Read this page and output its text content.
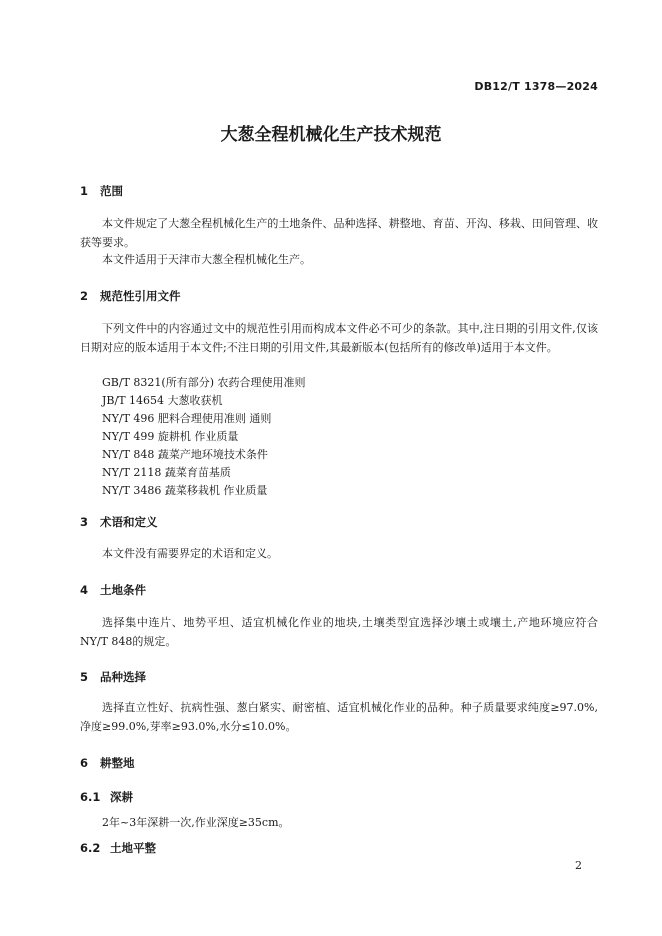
DB12/T 1378—2024
大葱全程机械化生产技术规范
1 范围
本文件规定了大葱全程机械化生产的土地条件、品种选择、耕整地、育苗、开沟、移栽、田间管理、收获等要求。
本文件适用于天津市大葱全程机械化生产。
2 规范性引用文件
下列文件中的内容通过文中的规范性引用而构成本文件必不可少的条款。其中,注日期的引用文件,仅该日期对应的版本适用于本文件;不注日期的引用文件,其最新版本(包括所有的修改单)适用于本文件。
GB/T 8321(所有部分) 农药合理使用准则
JB/T 14654 大葱收获机
NY/T 496 肥料合理使用准则 通则
NY/T 499 旋耕机 作业质量
NY/T 848 蔬菜产地环境技术条件
NY/T 2118 蔬菜育苗基质
NY/T 3486 蔬菜移栽机 作业质量
3 术语和定义
本文件没有需要界定的术语和定义。
4 土地条件
选择集中连片、地势平坦、适宜机械化作业的地块,土壤类型宜选择沙壤土或壤土,产地环境应符合NY/T 848的规定。
5 品种选择
选择直立性好、抗病性强、葱白紧实、耐密植、适宜机械化作业的品种。种子质量要求纯度≥97.0%,净度≥99.0%,芽率≥93.0%,水分≤10.0%。
6 耕整地
6.1 深耕
2年~3年深耕一次,作业深度≥35cm。
6.2 土地平整
2
